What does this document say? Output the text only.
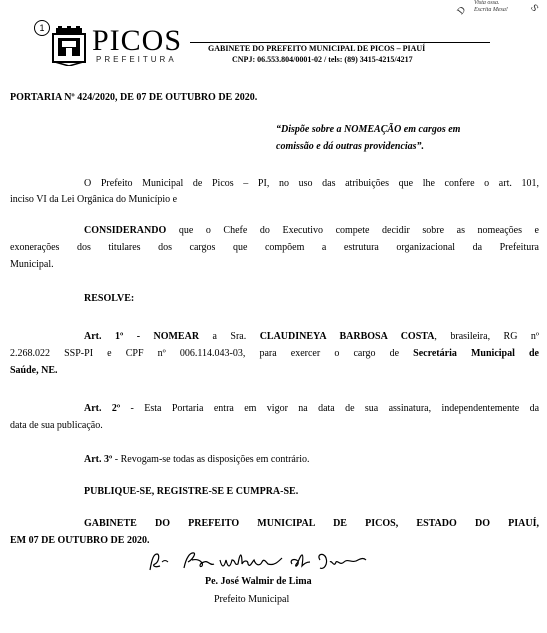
1 PICOS
PREFEITURA
GABINETE DO PREFEITO MUNICIPAL DE PICOS – PIAUÍ
CNPJ: 06.553.804/0001-02 / tels: (89) 3415-4215/4217
Vista ossa.
Escrita Mesa!
D	S
PORTARIA Nº 424/2020, DE 07 DE OUTUBRO DE 2020.
“Dispõe sobre a NOMEAÇÃO em cargos em
comissão e dá outras providencias”.
O Prefeito Municipal de Picos – PI, no uso das atribuições que lhe confere o art. 101,
inciso VI da Lei Orgânica do Município e
CONSIDERANDO que o Chefe do Executivo compete decidir sobre as nomeações e
exonerações dos titulares dos cargos que compõem a estrutura organizacional da Prefeitura
Municipal.
RESOLVE:
Art. 1º - NOMEAR a Sra. CLAUDINEYA BARBOSA COSTA, brasileira, RG nº
2.268.022 SSP-PI e CPF nº 006.114.043-03, para exercer o cargo de Secretária Municipal de
Saúde, NE.
Art. 2º - Esta Portaria entra em vigor na data de sua assinatura, independentemente da
data de sua publicação.
Art. 3º - Revogam-se todas as disposições em contrário.
PUBLIQUE-SE, REGISTRE-SE E CUMPRA-SE.
GABINETE DO PREFEITO MUNICIPAL DE PICOS, ESTADO DO PIAUÍ,
EM 07 DE OUTUBRO DE 2020.
Pe. José Walmir de Lima
Prefeito Municipal
